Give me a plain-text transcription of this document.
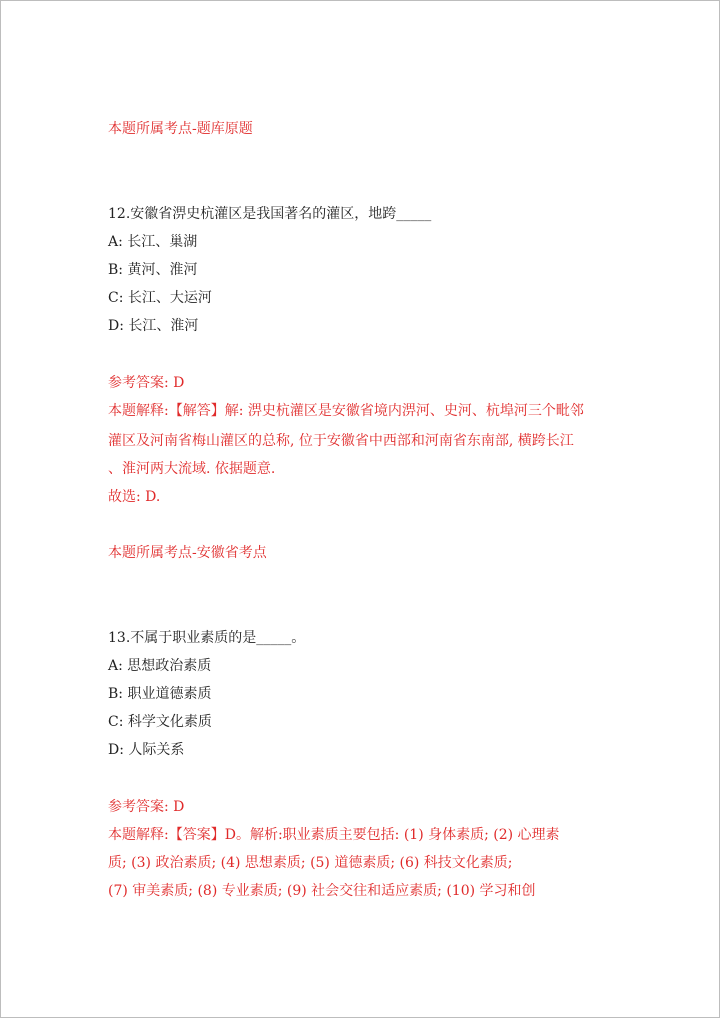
本题所属考点-题库原题

12.安徽省淠史杭灌区是我国著名的灌区，地跨_____

A: 长江、巢湖

B: 黄河、淮河

C: 长江、大运河

D: 长江、淮河

参考答案: D

本题解释:【解答】解: 淠史杭灌区是安徽省境内淠河、史河、杭埠河三个毗邻

灌区及河南省梅山灌区的总称, 位于安徽省中西部和河南省东南部, 横跨长江

、淮河两大流域. 依据题意.

故选: D.

本题所属考点-安徽省考点

13.不属于职业素质的是_____。

A: 思想政治素质

B: 职业道德素质

C: 科学文化素质

D: 人际关系

参考答案: D

本题解释:【答案】D。解析:职业素质主要包括: (1) 身体素质; (2) 心理素

质; (3) 政治素质; (4) 思想素质; (5) 道德素质; (6) 科技文化素质;

(7) 审美素质; (8) 专业素质; (9) 社会交往和适应素质; (10) 学习和创
